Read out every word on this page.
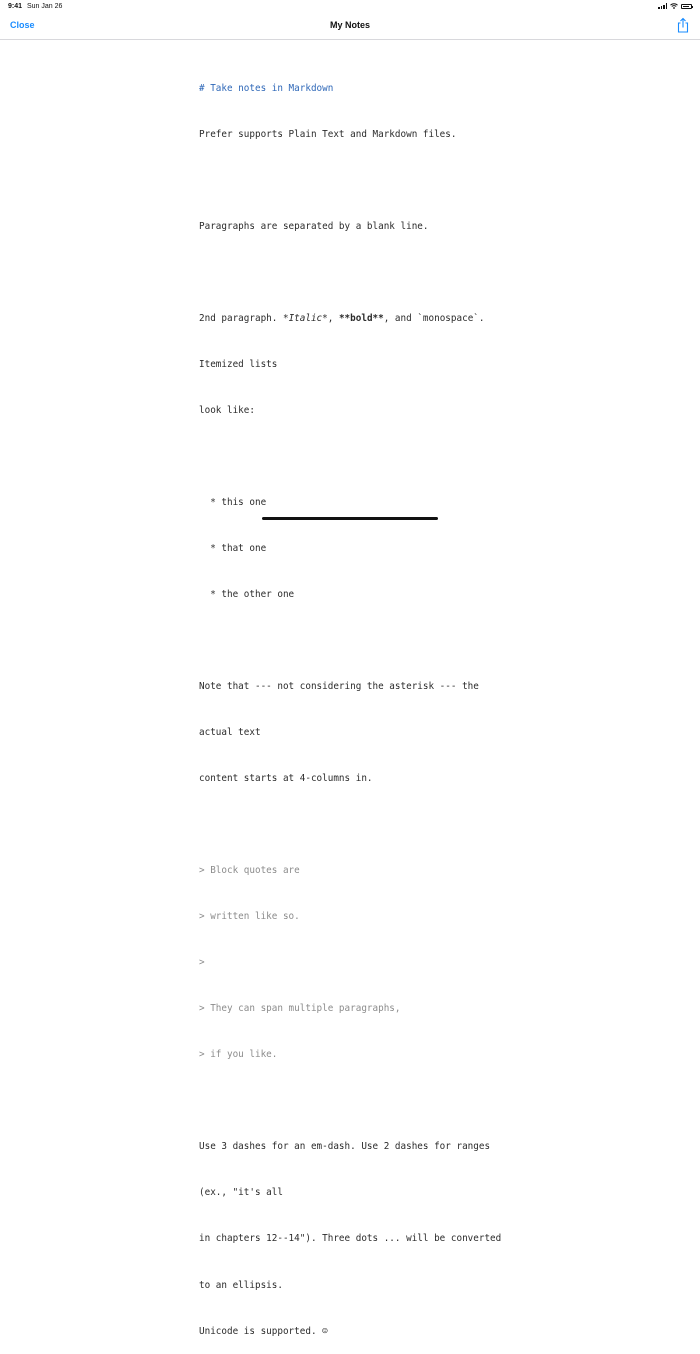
9:41 Sun Jan 26
Close	My Notes

# Take notes in Markdown

Prefer supports Plain Text and Markdown files.

Paragraphs are separated by a blank line.

2nd paragraph. *Italic*, **bold**, and `monospace`.

Itemized lists

look like:

* this one

* that one

* the other one

Note that --- not considering the asterisk --- the

actual text

content starts at 4-columns in.

> Block quotes are

> written like so.

>

> They can span multiple paragraphs,

> if you like.

Use 3 dashes for an em-dash. Use 2 dashes for ranges

(ex., "it's all

in chapters 12--14"). Three dots ... will be converted

to an ellipsis.

Unicode is supported. ☺
